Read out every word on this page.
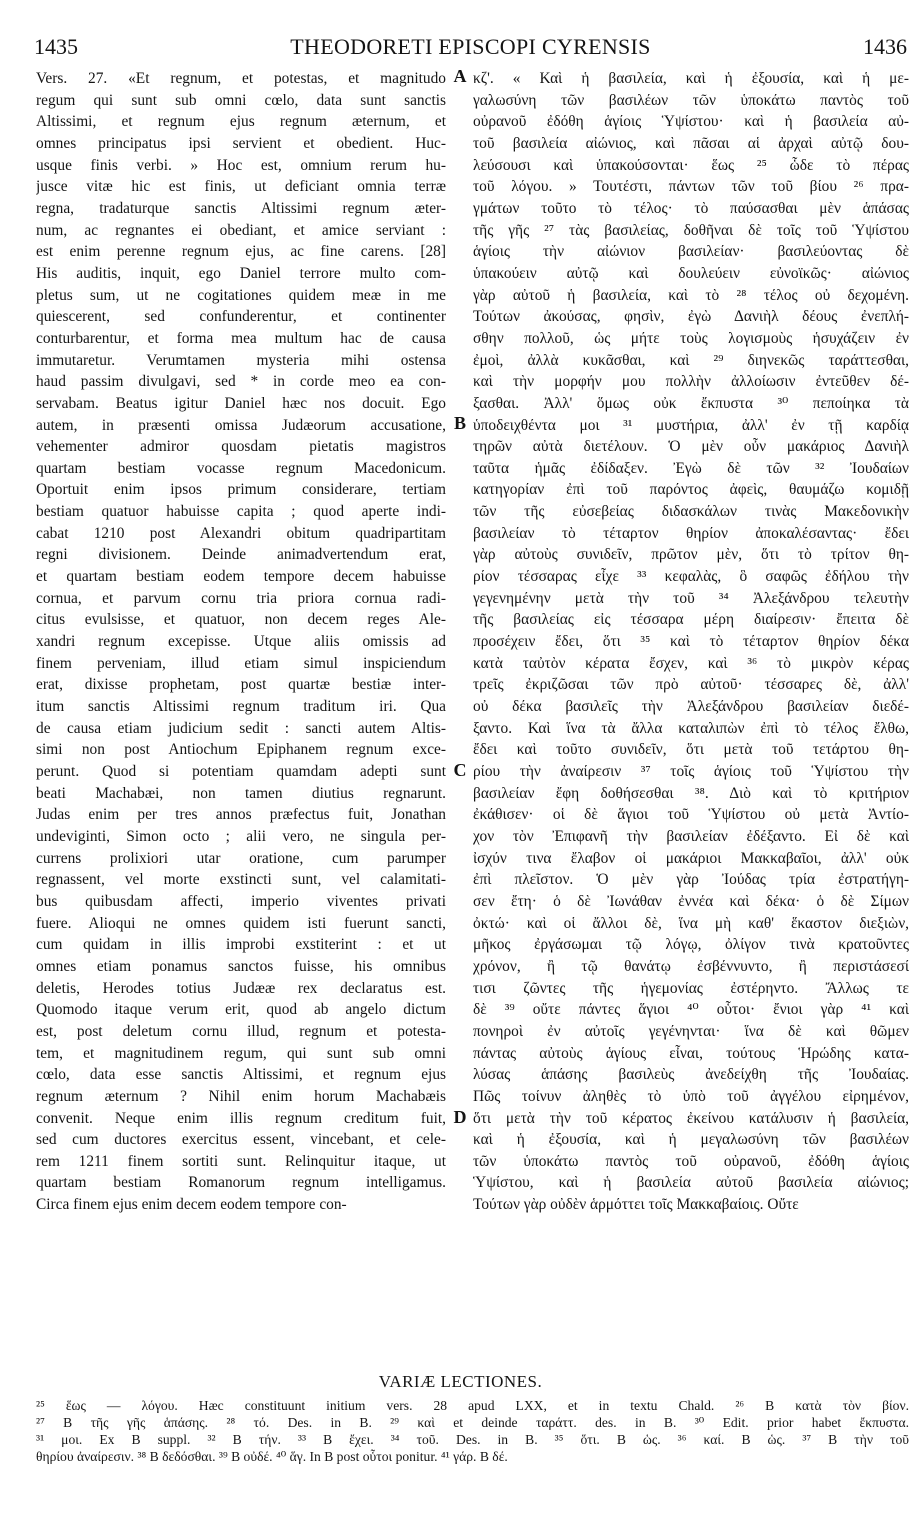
1435	THEODORETI EPISCOPI CYRENSIS	1436
Vers. 27. «Et regnum, et potestas, et magnitudo
regum qui sunt sub omni cœlo, data sunt sanctis
Altissimi, et regnum ejus regnum æternum, et
omnes principatus ipsi servient et obedient. Huc-
usque finis verbi. » Hoc est, omnium rerum hu-
jusce vitæ hic est finis, ut deficiant omnia terræ
regna, tradaturque sanctis Altissimi regnum æter-
num, ac regnantes ei obediant, et amice serviant :
est enim perenne regnum ejus, ac fine carens. [28]
His auditis, inquit, ego Daniel terrore multo com-
pletus sum, ut ne cogitationes quidem meæ in me
quiescerent, sed confunderentur, et continenter
conturbarentur, et forma mea multum hac de causa
immutaretur. Verumtamen mysteria mihi ostensa
haud passim divulgavi, sed * in corde meo ea con-
servabam. Beatus igitur Daniel hæc nos docuit. Ego
autem, in præsenti omissa Judæorum accusatione,
vehementer admiror quosdam pietatis magistros
quartam bestiam vocasse regnum Macedonicum.
Oportuit enim ipsos primum considerare, tertiam
bestiam quatuor habuisse capita ; quod aperte indi-
cabat 1210 post Alexandri obitum quadripartitam
regni divisionem. Deinde animadvertendum erat,
et quartam bestiam eodem tempore decem habuisse
cornua, et parvum cornu tria priora cornua radi-
citus evulsisse, et quatuor, non decem reges Ale-
xandri regnum excepisse. Utque aliis omissis ad
finem perveniam, illud etiam simul inspiciendum
erat, dixisse prophetam, post quartæ bestiæ inter-
itum sanctis Altissimi regnum traditum iri. Qua
de causa etiam judicium sedit : sancti autem Altis-
simi non post Antiochum Epiphanem regnum exce-
perunt. Quod si potentiam quamdam adepti sunt
beati Machabæi, non tamen diutius regnarunt.
Judas enim per tres annos præfectus fuit, Jonathan
undeviginti, Simon octo ; alii vero, ne singula per-
currens prolixiori utar oratione, cum parumper
regnassent, vel morte exstincti sunt, vel calamitati-
bus quibusdam affecti, imperio viventes privati
fuere. Alioqui ne omnes quidem isti fuerunt sancti,
cum quidam in illis improbi exstiterint : et ut
omnes etiam ponamus sanctos fuisse, his omnibus
deletis, Herodes totius Judææ rex declaratus est.
Quomodo itaque verum erit, quod ab angelo dictum
est, post deletum cornu illud, regnum et potesta-
tem, et magnitudinem regum, qui sunt sub omni
cœlo, data esse sanctis Altissimi, et regnum ejus
regnum æternum ? Nihil enim horum Machabæis
convenit. Neque enim illis regnum creditum fuit,
sed cum ductores exercitus essent, vincebant, et cele-
rem 1211 finem sortiti sunt. Relinquitur itaque, ut
quartam bestiam Romanorum regnum intelligamus.
Circa finem ejus enim decem eodem tempore con-
κζ'. « Καὶ ἡ βασιλεία, καὶ ἡ ἐξουσία, καὶ ἡ με-
γαλωσύνη τῶν βασιλέων τῶν ὑποκάτω παντὸς τοῦ
οὐρανοῦ ἐδόθη ἁγίοις Ὑψίστου· καὶ ἡ βασιλεία αὐ-
τοῦ βασιλεία αἰώνιος, καὶ πᾶσαι αἱ ἀρχαὶ αὐτῷ δου-
λεύσουσι καὶ ὑπακούσονται· ἕως ²⁵ ὧδε τὸ πέρας
τοῦ λόγου. » Τουτέστι, πάντων τῶν τοῦ βίου ²⁶ πρα-
γμάτων τοῦτο τὸ τέλος· τὸ παύσασθαι μὲν ἁπάσας
τῆς γῆς ²⁷ τὰς βασιλείας, δοθῆναι δὲ τοῖς τοῦ Ὑψίστου
ἁγίοις τὴν αἰώνιον βασιλείαν· βασιλεύοντας δὲ
ὑπακούειν αὐτῷ καὶ δουλεύειν εὐνοϊκῶς· αἰώνιος
γὰρ αὐτοῦ ἡ βασιλεία, καὶ τὸ ²⁸ τέλος οὐ δεχομένη.
Τούτων ἀκούσας, φησὶν, ἐγὼ Δανιὴλ δέους ἐνεπλή-
σθην πολλοῦ, ὡς μήτε τοὺς λογισμοὺς ἡσυχάζειν ἐν
ἐμοὶ, ἀλλὰ κυκᾶσθαι, καὶ ²⁹ διηνεκῶς ταράττεσθαι,
καὶ τὴν μορφήν μου πολλὴν ἀλλοίωσιν ἐντεῦθεν δέ-
ξασθαι. Ἀλλ' ὅμως οὐκ ἔκπυστα ³⁰ πεποίηκα τὰ
ὑποδειχθέντα μοι ³¹ μυστήρια, ἀλλ' ἐν τῇ καρδίᾳ
τηρῶν αὐτὰ διετέλουν. Ὁ μὲν οὖν μακάριος Δανιὴλ
ταῦτα ἡμᾶς ἐδίδαξεν. Ἐγὼ δὲ τῶν ³² Ἰουδαίων
κατηγορίαν ἐπὶ τοῦ παρόντος ἀφεὶς, θαυμάζω κομιδῇ
τῶν τῆς εὐσεβείας διδασκάλων τινὰς Μακεδονικὴν
βασιλείαν τὸ τέταρτον θηρίον ἀποκαλέσαντας· ἔδει
γὰρ αὐτοὺς συνιδεῖν, πρῶτον μὲν, ὅτι τὸ τρίτον θη-
ρίον τέσσαρας εἶχε ³³ κεφαλὰς, ὃ σαφῶς ἐδήλου τὴν
γεγενημένην μετὰ τὴν τοῦ ³⁴ Ἀλεξάνδρου τελευτὴν
τῆς βασιλείας εἰς τέσσαρα μέρη διαίρεσιν· ἔπειτα δὲ
προσέχειν ἔδει, ὅτι ³⁵ καὶ τὸ τέταρτον θηρίον δέκα
κατὰ ταὐτὸν κέρατα ἔσχεν, καὶ ³⁶ τὸ μικρὸν κέρας
τρεῖς ἐκριζῶσαι τῶν πρὸ αὐτοῦ· τέσσαρες δὲ, ἀλλ'
οὐ δέκα βασιλεῖς τὴν Ἀλεξάνδρου βασιλείαν διεδέ-
ξαντο. Καὶ ἵνα τὰ ἄλλα καταλιπὼν ἐπὶ τὸ τέλος ἔλθω,
ἔδει καὶ τοῦτο συνιδεῖν, ὅτι μετὰ τοῦ τετάρτου θη-
ρίου τὴν ἀναίρεσιν ³⁷ τοῖς ἁγίοις τοῦ Ὑψίστου τὴν
βασιλείαν ἔφη δοθήσεσθαι ³⁸. Διὸ καὶ τὸ κριτήριον
ἐκάθισεν· οἱ δὲ ἅγιοι τοῦ Ὑψίστου οὐ μετὰ Ἀντίο-
χον τὸν Ἐπιφανῆ τὴν βασιλείαν ἐδέξαντο. Εἰ δὲ καὶ
ἰσχύν τινα ἔλαβον οἱ μακάριοι Μακκαβαῖοι, ἀλλ' οὐκ
ἐπὶ πλεῖστον. Ὁ μὲν γὰρ Ἰούδας τρία ἐστρατήγη-
σεν ἔτη· ὁ δὲ Ἰωνάθαν ἐννέα καὶ δέκα· ὁ δὲ Σίμων
ὀκτώ· καὶ οἱ ἄλλοι δὲ, ἵνα μὴ καθ' ἕκαστον διεξιὼν,
μῆκος ἐργάσωμαι τῷ λόγῳ, ὀλίγον τινὰ κρατοῦντες
χρόνον, ἢ τῷ θανάτῳ ἐσβέννυντο, ἢ περιστάσεσί
τισι ζῶντες τῆς ἡγεμονίας ἐστέρηντο. Ἄλλως τε
δὲ ³⁹ οὔτε πάντες ἅγιοι ⁴⁰ οὗτοι· ἔνιοι γὰρ ⁴¹ καὶ
πονηροὶ ἐν αὐτοῖς γεγένηνται· ἵνα δὲ καὶ θῶμεν
πάντας αὐτοὺς ἁγίους εἶναι, τούτους Ἡρώδης κατα-
λύσας ἁπάσης βασιλεὺς ἀνεδείχθη τῆς Ἰουδαίας.
Πῶς τοίνυν ἀληθὲς τὸ ὑπὸ τοῦ ἀγγέλου εἰρημένον,
ὅτι μετὰ τὴν τοῦ κέρατος ἐκείνου κατάλυσιν ἡ βασιλεία,
καὶ ἡ ἐξουσία, καὶ ἡ μεγαλωσύνη τῶν βασιλέων
τῶν ὑποκάτω παντὸς τοῦ οὐρανοῦ, ἐδόθη ἁγίοις
Ὑψίστου, καὶ ἡ βασιλεία αὐτοῦ βασιλεία αἰώνιος;
Τούτων γὰρ οὐδὲν ἁρμόττει τοῖς Μακκαβαίοις. Οὔτε
A
B
C
D
VARIÆ LECTIONES.
²⁵ ἕως — λόγου. Hæc constituunt initium vers. 28 apud LXX, et in textu Chald. ²⁶ B κατὰ τὸν βίον.
²⁷ B τῆς γῆς ἁπάσης. ²⁸ τό. Des. in B. ²⁹ καὶ et deinde ταράττ. des. in B. ³⁰ Edit. prior habet ἔκπυστα.
³¹ μοι. Ex B suppl. ³² B τήν. ³³ B ἔχει. ³⁴ τοῦ. Des. in B. ³⁵ ὅτι. B ὡς. ³⁶ καί. B ὡς. ³⁷ B τὴν τοῦ
θηρίου ἀναίρεσιν. ³⁸ B δεδόσθαι. ³⁹ B οὐδέ. ⁴⁰ ἅγ. In B post οὗτοι ponitur. ⁴¹ γάρ. B δέ.
